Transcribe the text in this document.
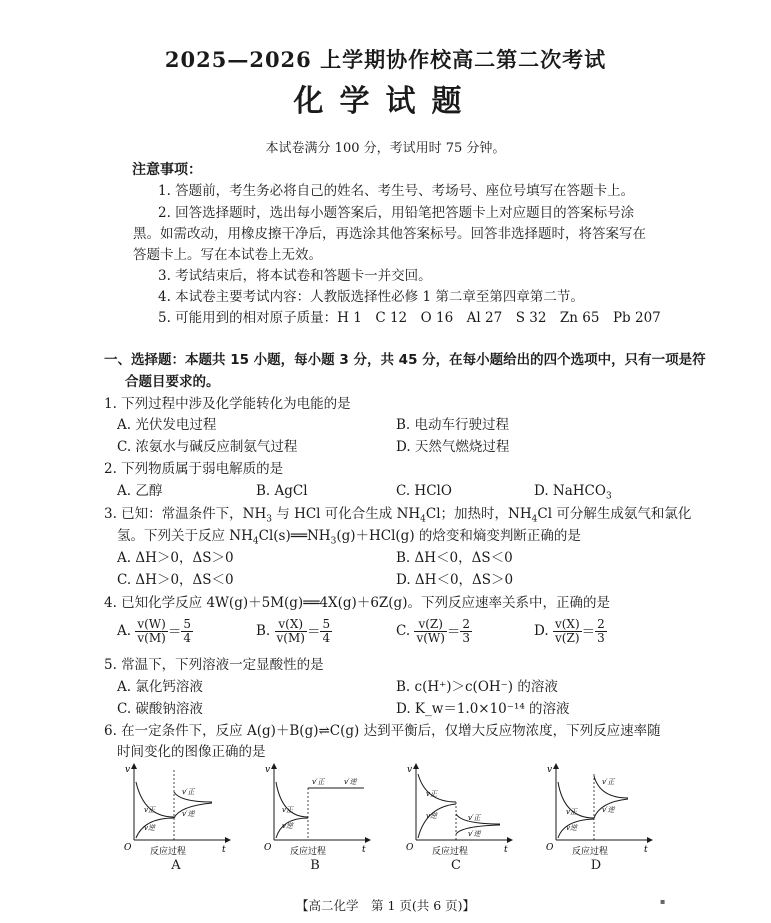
2025—2026 上学期协作校高二第二次考试
化学试题
本试卷满分 100 分，考试用时 75 分钟。
注意事项：
1. 答题前，考生务必将自己的姓名、考生号、考场号、座位号填写在答题卡上。
2. 回答选择题时，选出每小题答案后，用铅笔把答题卡上对应题目的答案标号涂
黑。如需改动，用橡皮擦干净后，再选涂其他答案标号。回答非选择题时，将答案写在
答题卡上。写在本试卷上无效。
3. 考试结束后，将本试卷和答题卡一并交回。
4. 本试卷主要考试内容：人教版选择性必修 1 第二章至第四章第二节。
5. 可能用到的相对原子质量：H 1　C 12　O 16　Al 27　S 32　Zn 65　Pb 207
一、选择题：本题共 15 小题，每小题 3 分，共 45 分，在每小题给出的四个选项中，只有一项是符
合题目要求的。
1. 下列过程中涉及化学能转化为电能的是
A. 光伏发电过程	B. 电动车行驶过程
C. 浓氨水与碱反应制氨气过程	D. 天然气燃烧过程
2. 下列物质属于弱电解质的是
A. 乙醇	B. AgCl	C. HClO	D. NaHCO$_3$
3. 已知：常温条件下，$NH_3$ 与 HCl 可化合生成 $NH_4Cl$；加热时，$NH_4Cl$ 可分解生成氨气和氯化
氢。下列关于反应 $NH_4Cl(s)══NH_3(g)+HCl(g)$ 的焓变和熵变判断正确的是
A. ΔH＞0，ΔS＞0	B. ΔH＜0，ΔS＜0
C. ΔH＞0，ΔS＜0	D. ΔH＜0，ΔS＞0
4. 已知化学反应 4W(g)＋5M(g)══4X(g)＋6Z(g)。下列反应速率关系中，正确的是
A. $\frac{v(W)}{v(M)} = \frac{5}{4}$	B. $\frac{v(X)}{v(M)} = \frac{5}{4}$	C. $\frac{v(Z)}{v(W)} = \frac{2}{3}$	D. $\frac{v(X)}{v(Z)} = \frac{2}{3}$
5. 常温下，下列溶液一定显酸性的是
A. 氯化钙溶液	B. c(H⁺)＞c(OH⁻) 的溶液
C. 碳酸钠溶液	D. K_w＝1.0×10⁻¹⁴ 的溶液
6. 在一定条件下，反应 A(g)＋B(g)⇌C(g) 达到平衡后，仅增大反应物浓度，下列反应速率随
时间变化的图像正确的是
v
t
O
v正
v逆
v′正
v′逆
反应过程
A
v
t
O
v正
v逆
v′正	v′逆
反应过程
B
v
t
O
v正
v逆	v′正
v′逆
反应过程
C
v
t
O
v正
v逆
v′正
v′逆
反应过程
D
【高二化学　第 1 页(共 6 页)】	▪
